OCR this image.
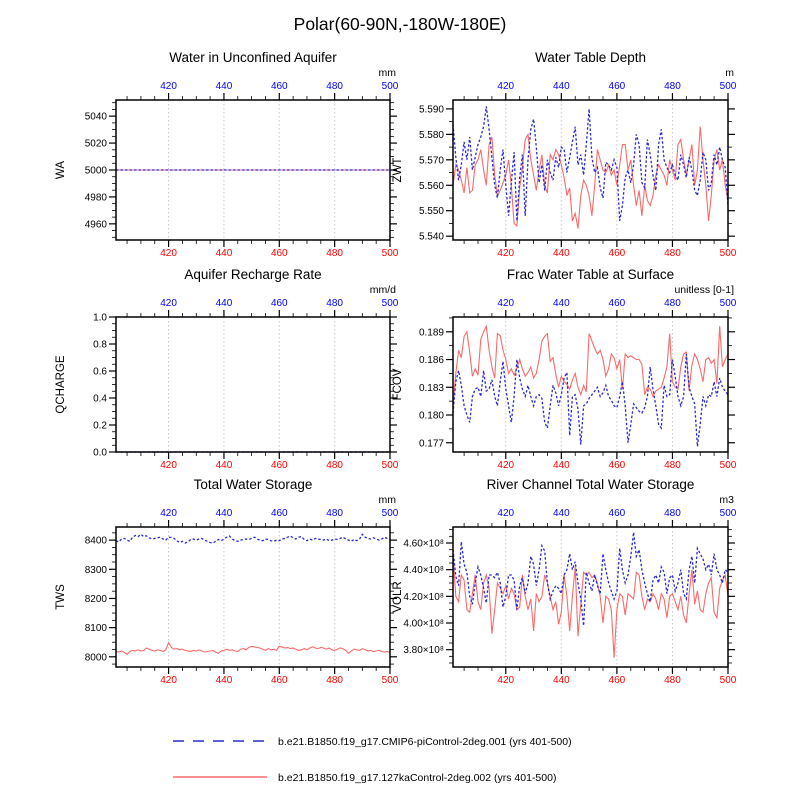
Polar(60-90N,-180W-180E)
b.e21.B1850.f19_g17.CMIP6-piControl-2deg.001 (yrs 401-500)
b.e21.B1850.f19_g17.127kaControl-2deg.002 (yrs 401-500)
420
420
440
440
460
460
480
480
500
500
4960
4980
5000
5020
5040
Water in Unconfined Aquifer
mm
WA
420
420
440
440
460
460
480
480
500
500
5.540
5.550
5.560
5.570
5.580
5.590
Water Table Depth
m
ZWT
420
420
440
440
460
460
480
480
500
500
0.0
0.2
0.4
0.6
0.8
1.0
Aquifer Recharge Rate
mm/d
QCHARGE
420
420
440
440
460
460
480
480
500
500
0.177
0.180
0.183
0.186
0.189
Frac Water Table at Surface
unitless [0-1]
FCOV
420
420
440
440
460
460
480
480
500
500
8000
8100
8200
8300
8400
Total Water Storage
mm
TWS
420
420
440
440
460
460
480
480
500
500
3.80×10⁸
4.00×10⁸
4.20×10⁸
4.40×10⁸
4.60×10⁸
River Channel Total Water Storage
m3
VOLR
